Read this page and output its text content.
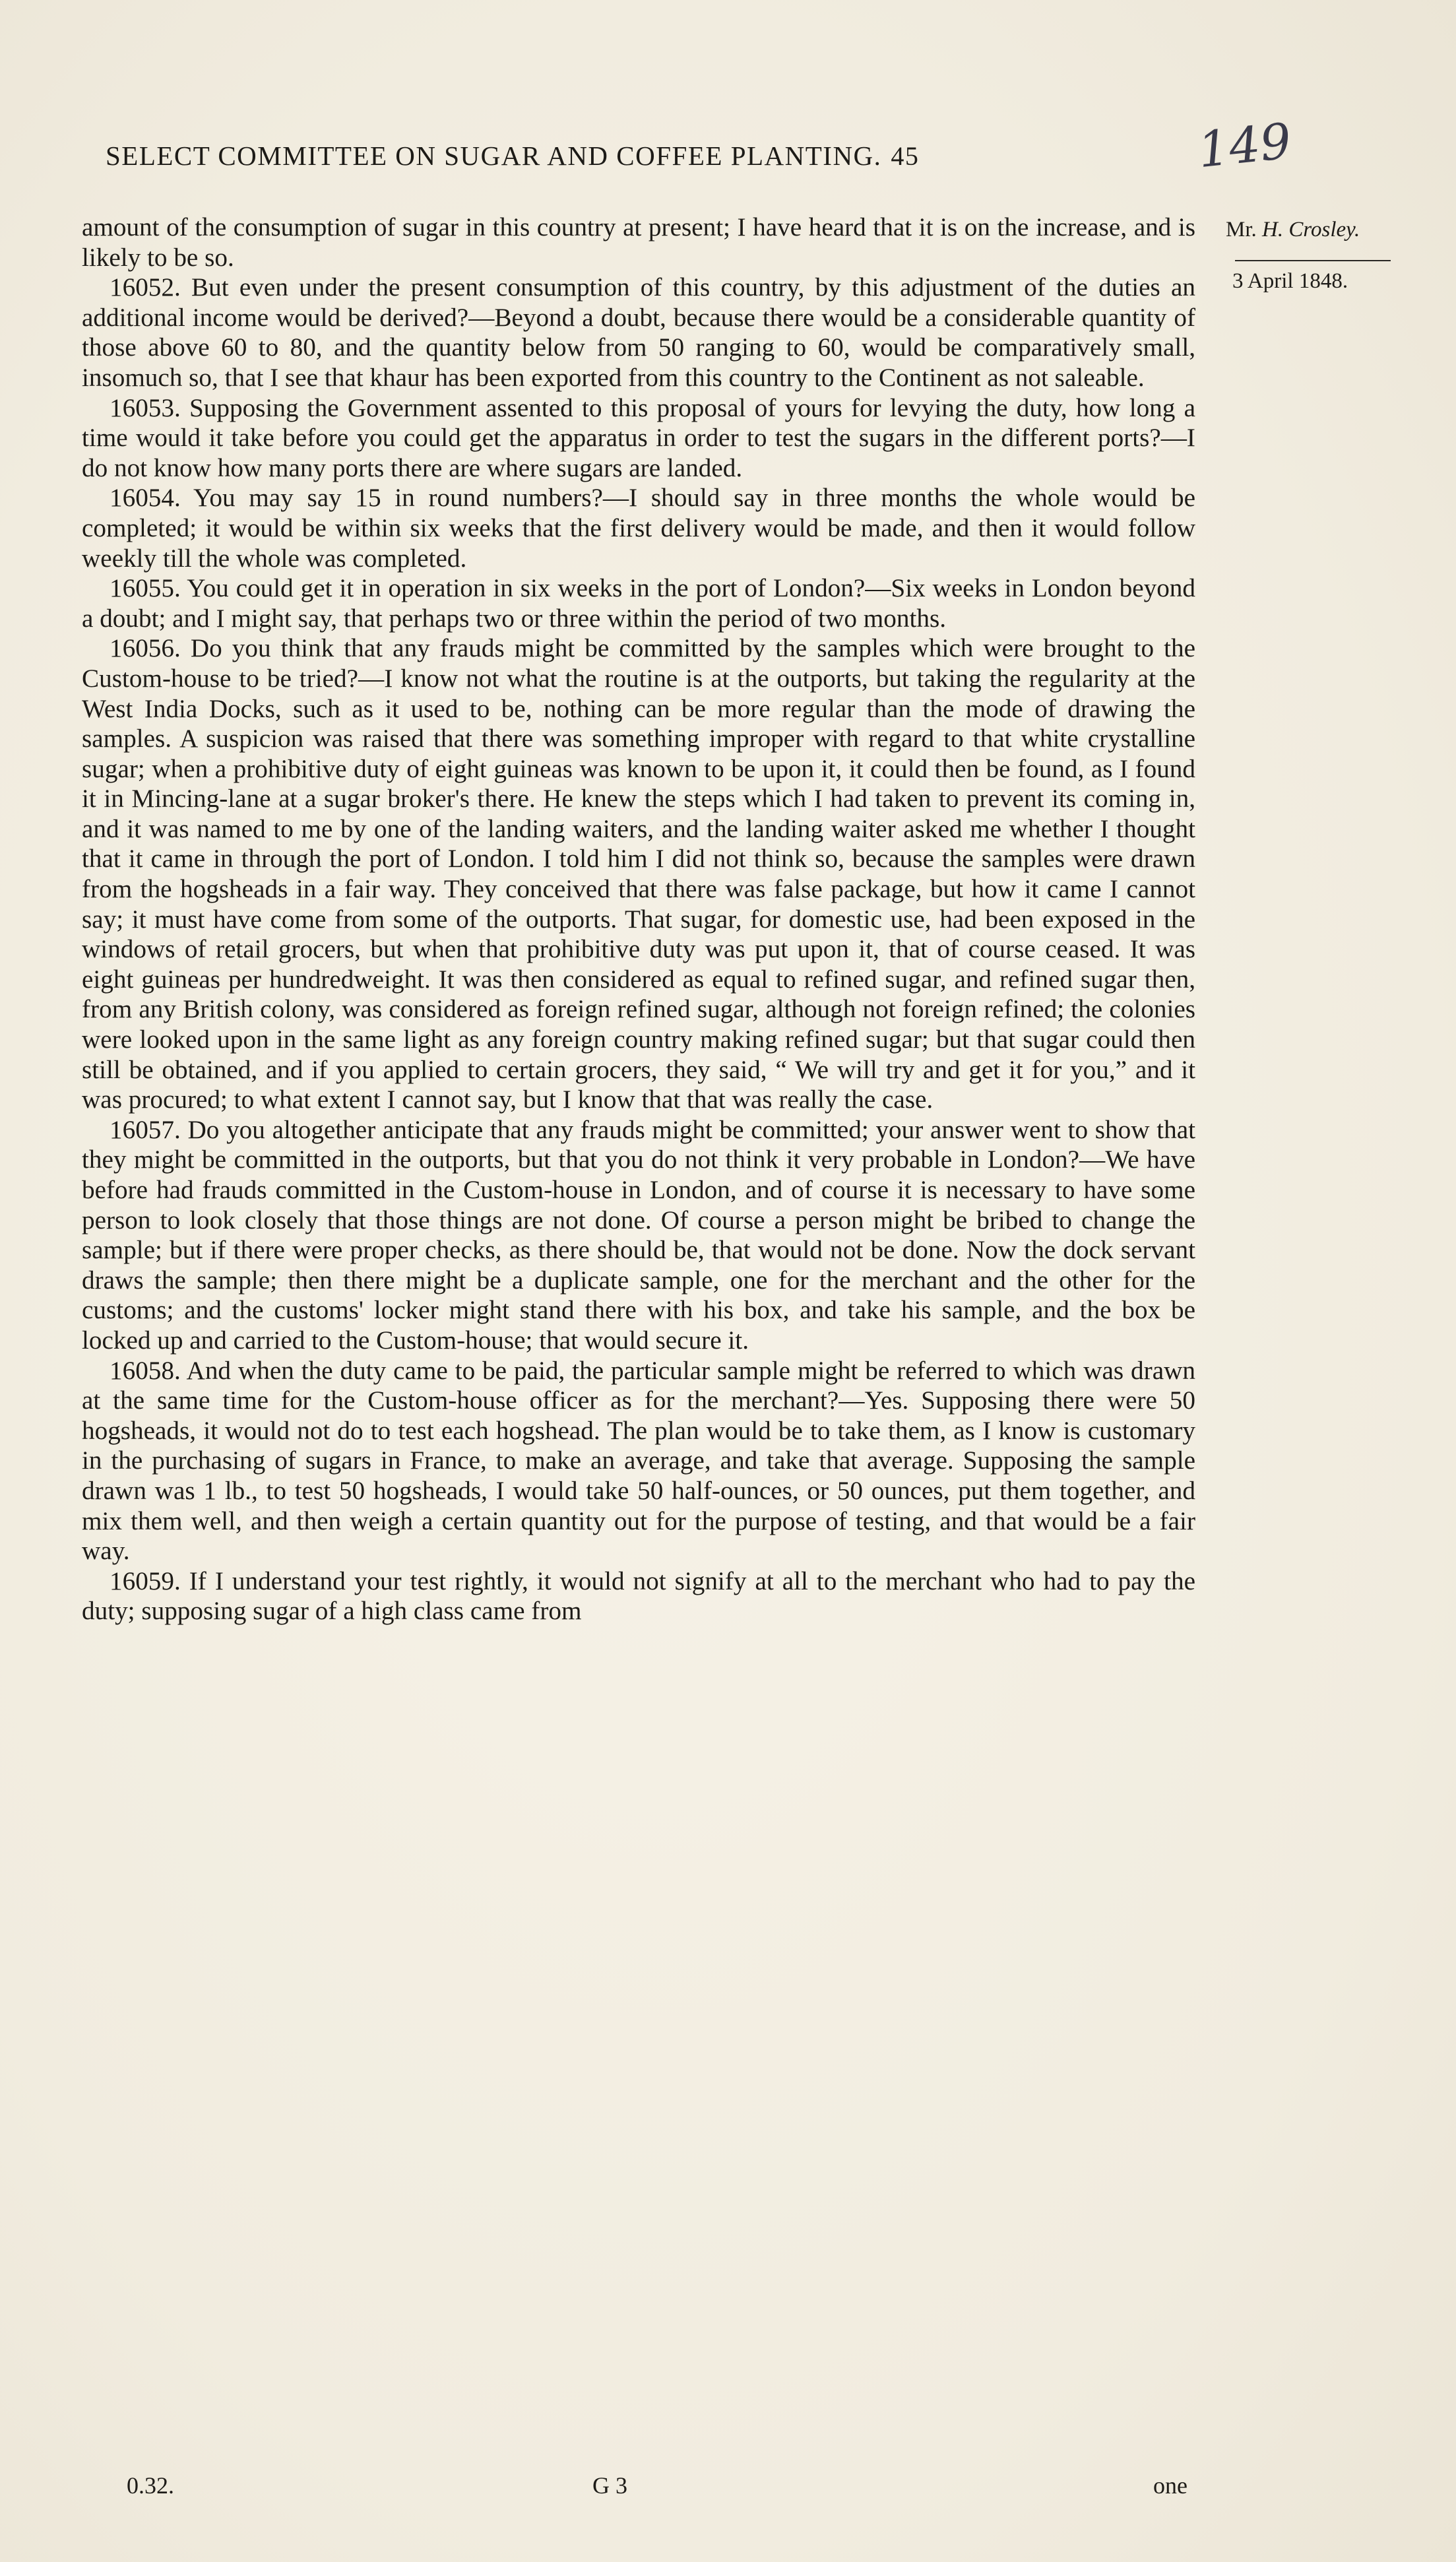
SELECT COMMITTEE ON SUGAR AND COFFEE PLANTING. 45	149
Mr. H. Crosley.
3 April 1848.

amount of the consumption of sugar in this country at present; I have heard that it is on the increase, and is likely to be so.

16052. But even under the present consumption of this country, by this adjustment of the duties an additional income would be derived?—Beyond a doubt, because there would be a considerable quantity of those above 60 to 80, and the quantity below from 50 ranging to 60, would be comparatively small, insomuch so, that I see that khaur has been exported from this country to the Continent as not saleable.

16053. Supposing the Government assented to this proposal of yours for levying the duty, how long a time would it take before you could get the apparatus in order to test the sugars in the different ports?—I do not know how many ports there are where sugars are landed.

16054. You may say 15 in round numbers?—I should say in three months the whole would be completed; it would be within six weeks that the first delivery would be made, and then it would follow weekly till the whole was completed.

16055. You could get it in operation in six weeks in the port of London?—Six weeks in London beyond a doubt; and I might say, that perhaps two or three within the period of two months.

16056. Do you think that any frauds might be committed by the samples which were brought to the Custom-house to be tried?—I know not what the routine is at the outports, but taking the regularity at the West India Docks, such as it used to be, nothing can be more regular than the mode of drawing the samples. A suspicion was raised that there was something improper with regard to that white crystalline sugar; when a prohibitive duty of eight guineas was known to be upon it, it could then be found, as I found it in Mincing-lane at a sugar broker's there. He knew the steps which I had taken to prevent its coming in, and it was named to me by one of the landing waiters, and the landing waiter asked me whether I thought that it came in through the port of London. I told him I did not think so, because the samples were drawn from the hogsheads in a fair way. They conceived that there was false package, but how it came I cannot say; it must have come from some of the outports. That sugar, for domestic use, had been exposed in the windows of retail grocers, but when that prohibitive duty was put upon it, that of course ceased. It was eight guineas per hundredweight. It was then considered as equal to refined sugar, and refined sugar then, from any British colony, was considered as foreign refined sugar, although not foreign refined; the colonies were looked upon in the same light as any foreign country making refined sugar; but that sugar could then still be obtained, and if you applied to certain grocers, they said, “ We will try and get it for you,” and it was procured; to what extent I cannot say, but I know that that was really the case.

16057. Do you altogether anticipate that any frauds might be committed; your answer went to show that they might be committed in the outports, but that you do not think it very probable in London?—We have before had frauds committed in the Custom-house in London, and of course it is necessary to have some person to look closely that those things are not done. Of course a person might be bribed to change the sample; but if there were proper checks, as there should be, that would not be done. Now the dock servant draws the sample; then there might be a duplicate sample, one for the merchant and the other for the customs; and the customs' locker might stand there with his box, and take his sample, and the box be locked up and carried to the Custom-house; that would secure it.

16058. And when the duty came to be paid, the particular sample might be referred to which was drawn at the same time for the Custom-house officer as for the merchant?—Yes. Supposing there were 50 hogsheads, it would not do to test each hogshead. The plan would be to take them, as I know is customary in the purchasing of sugars in France, to make an average, and take that average. Supposing the sample drawn was 1 lb., to test 50 hogsheads, I would take 50 half-ounces, or 50 ounces, put them together, and mix them well, and then weigh a certain quantity out for the purpose of testing, and that would be a fair way.

16059. If I understand your test rightly, it would not signify at all to the merchant who had to pay the duty; supposing sugar of a high class came from

0.32.	G 3	one
